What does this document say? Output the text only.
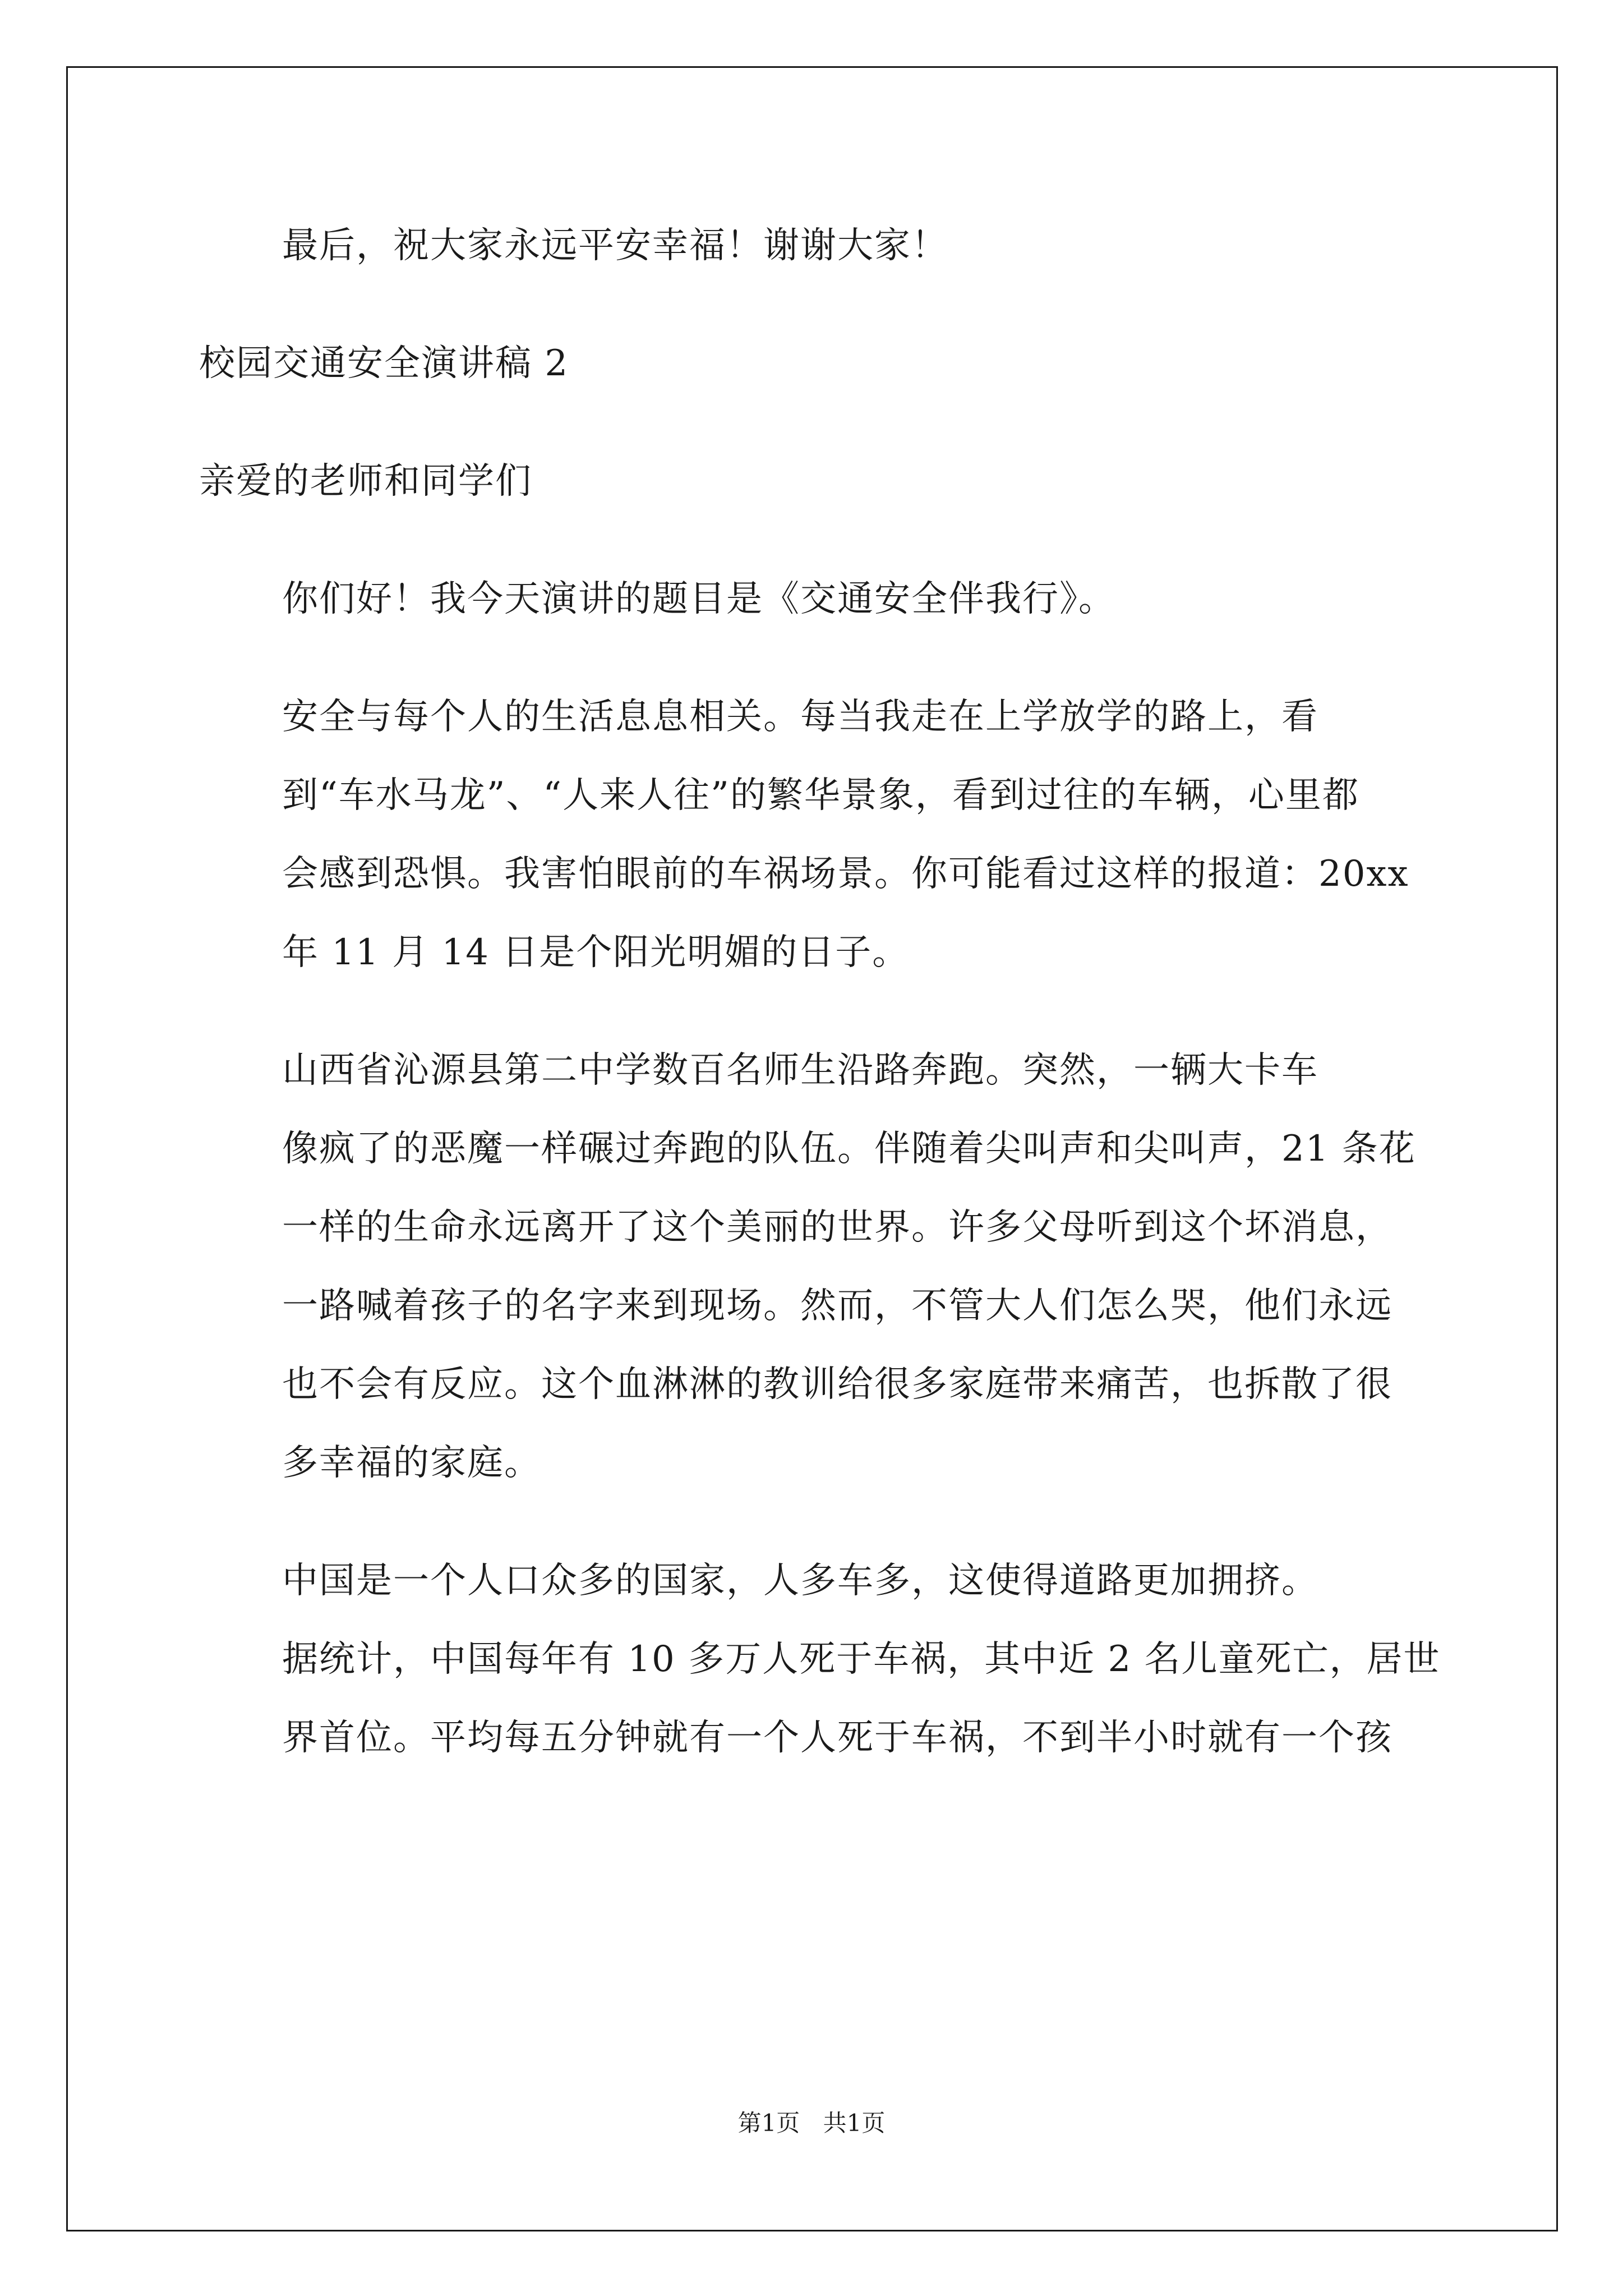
最后，祝大家永远平安幸福！谢谢大家！

校园交通安全演讲稿 2

亲爱的老师和同学们

你们好！我今天演讲的题目是《交通安全伴我行》。

安全与每个人的生活息息相关。每当我走在上学放学的路上，看
到“车水马龙”、“人来人往”的繁华景象，看到过往的车辆，心里都
会感到恐惧。我害怕眼前的车祸场景。你可能看过这样的报道：20xx
年 11 月 14 日是个阳光明媚的日子。

山西省沁源县第二中学数百名师生沿路奔跑。突然，一辆大卡车
像疯了的恶魔一样碾过奔跑的队伍。伴随着尖叫声和尖叫声，21 条花
一样的生命永远离开了这个美丽的世界。许多父母听到这个坏消息，
一路喊着孩子的名字来到现场。然而，不管大人们怎么哭，他们永远
也不会有反应。这个血淋淋的教训给很多家庭带来痛苦，也拆散了很
多幸福的家庭。

中国是一个人口众多的国家，人多车多，这使得道路更加拥挤。
据统计，中国每年有 10 多万人死于车祸，其中近 2 名儿童死亡，居世
界首位。平均每五分钟就有一个人死于车祸，不到半小时就有一个孩

第1页 共1页
